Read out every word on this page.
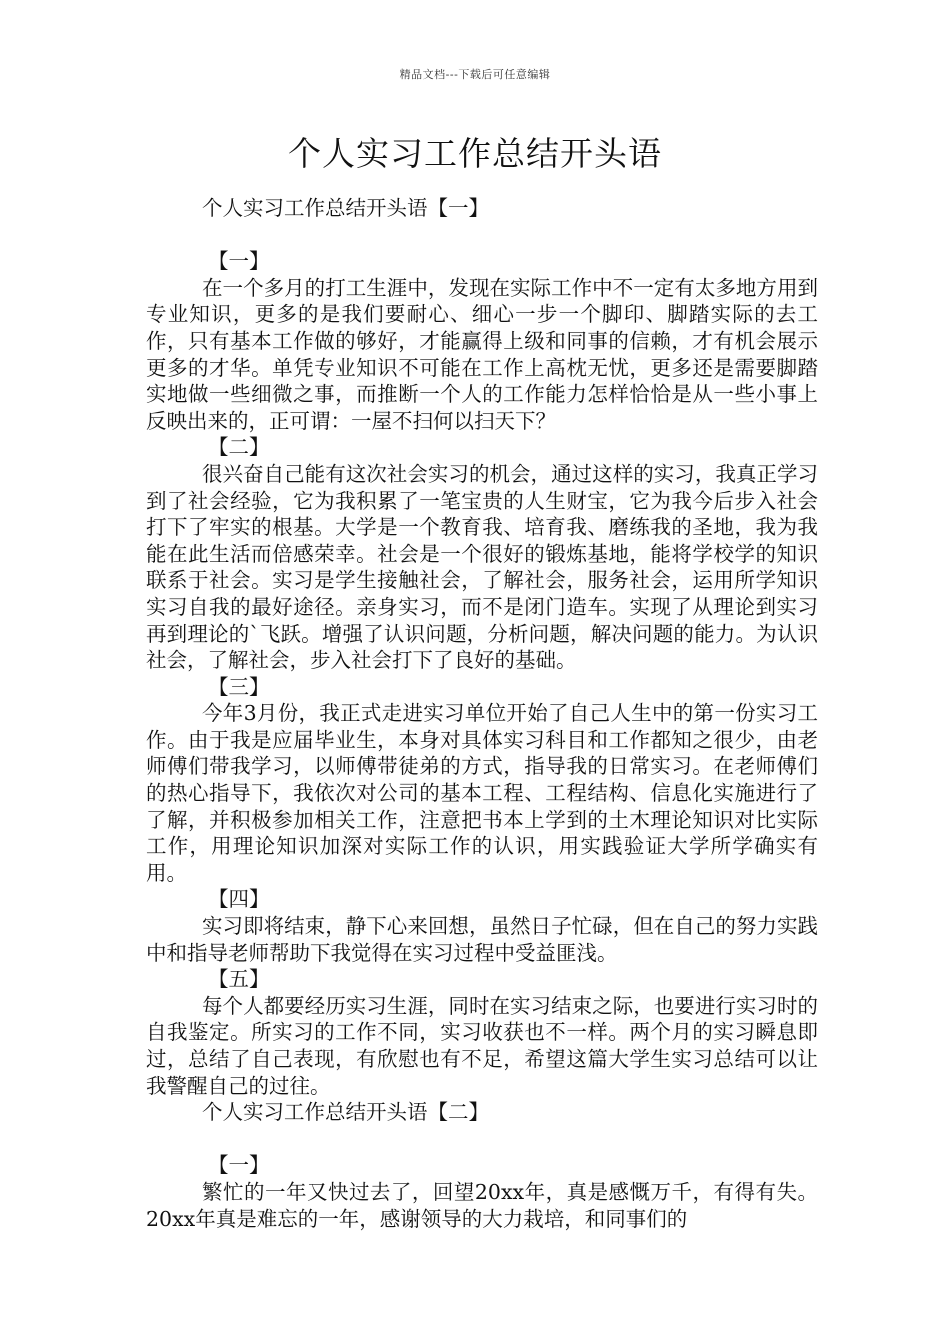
精品文档---下载后可任意编辑
个人实习工作总结开头语

个人实习工作总结开头语【一】

【一】

在一个多月的打工生涯中，发现在实际工作中不一定有太多地方用到专业知识，更多的是我们要耐心、细心一步一个脚印、脚踏实际的去工作，只有基本工作做的够好，才能赢得上级和同事的信赖，才有机会展示更多的才华。单凭专业知识不可能在工作上高枕无忧，更多还是需要脚踏实地做一些细微之事，而推断一个人的工作能力怎样恰恰是从一些小事上反映出来的，正可谓：一屋不扫何以扫天下？

【二】

很兴奋自己能有这次社会实习的机会，通过这样的实习，我真正学习到了社会经验，它为我积累了一笔宝贵的人生财宝，它为我今后步入社会打下了牢实的根基。大学是一个教育我、培育我、磨练我的圣地，我为我能在此生活而倍感荣幸。社会是一个很好的锻炼基地，能将学校学的知识联系于社会。实习是学生接触社会，了解社会，服务社会，运用所学知识实习自我的最好途径。亲身实习，而不是闭门造车。实现了从理论到实习再到理论的`飞跃。增强了认识问题，分析问题，解决问题的能力。为认识社会，了解社会，步入社会打下了良好的基础。

【三】

今年3月份，我正式走进实习单位开始了自己人生中的第一份实习工作。由于我是应届毕业生，本身对具体实习科目和工作都知之很少，由老师傅们带我学习，以师傅带徒弟的方式，指导我的日常实习。在老师傅们的热心指导下，我依次对公司的基本工程、工程结构、信息化实施进行了了解，并积极参加相关工作，注意把书本上学到的土木理论知识对比实际工作，用理论知识加深对实际工作的认识，用实践验证大学所学确实有用。

【四】

实习即将结束，静下心来回想，虽然日子忙碌，但在自己的努力实践中和指导老师帮助下我觉得在实习过程中受益匪浅。

【五】

每个人都要经历实习生涯，同时在实习结束之际，也要进行实习时的自我鉴定。所实习的工作不同，实习收获也不一样。两个月的实习瞬息即过，总结了自己表现，有欣慰也有不足，希望这篇大学生实习总结可以让我警醒自己的过往。

个人实习工作总结开头语【二】

【一】

繁忙的一年又快过去了，回望20xx年，真是感慨万千，有得有失。20xx年真是难忘的一年，感谢领导的大力栽培，和同事们的
